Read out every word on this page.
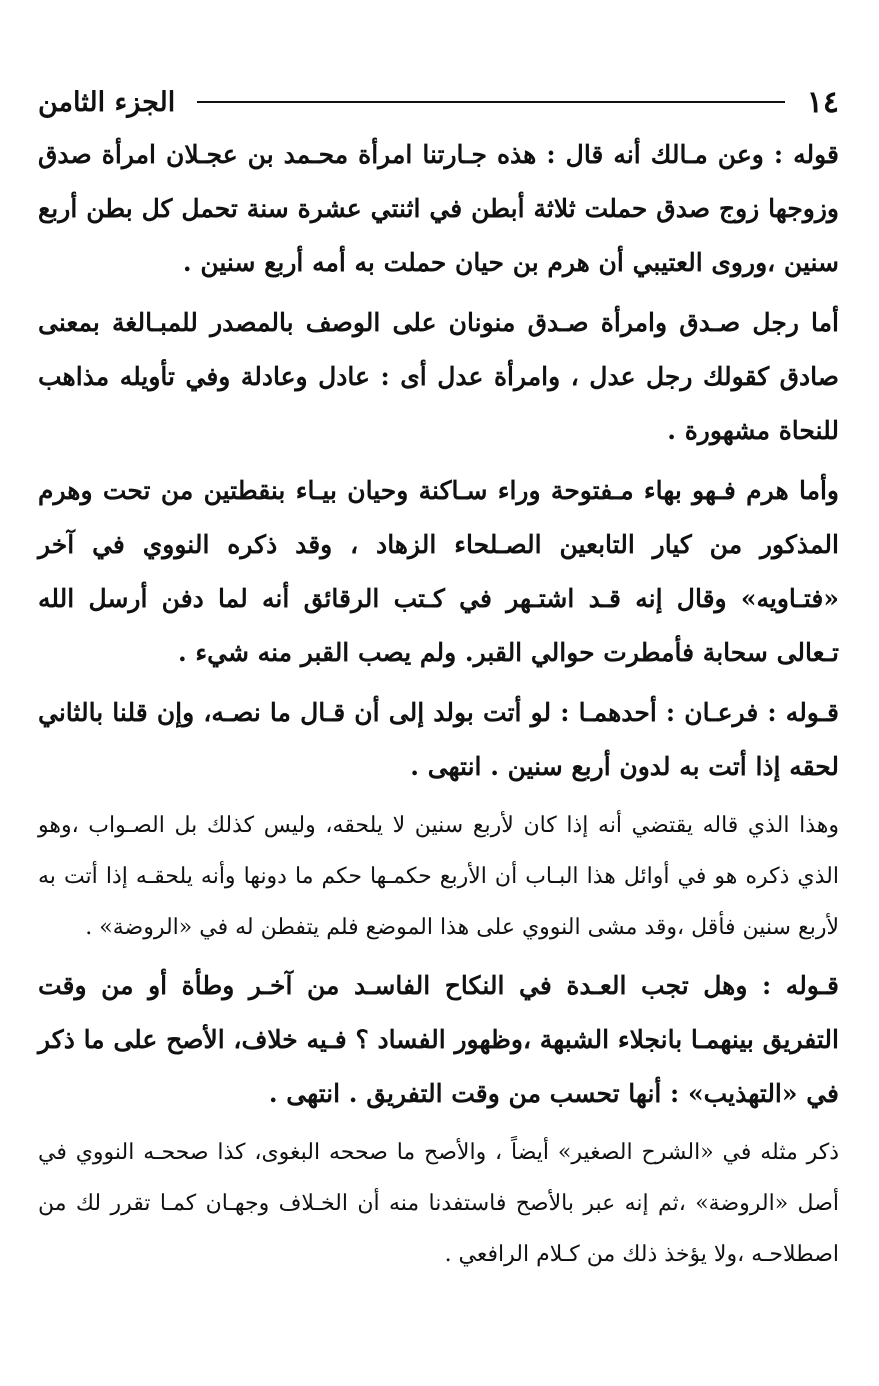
١٤
الجزء الثامن

قوله : وعن مـالك أنه قال : هذه جـارتنا امرأة محـمد بن عجـلان امرأة صدق وزوجها زوج صدق حملت ثلاثة أبطن في اثنتي عشرة سنة تحمل كل بطن أربع سنين ،وروى العتيبي أن هرم بن حيان حملت به أمه أربع سنين .

أما رجل صـدق وامرأة صـدق منونان على الوصف بالمصدر للمبـالغة بمعنى صادق كقولك رجل عدل ، وامرأة عدل أى : عادل وعادلة وفي تأويله مذاهب للنحاة مشهورة .

وأما هرم فـهو بهاء مـفتوحة وراء سـاكنة وحيان بيـاء بنقطتين من تحت وهرم المذكور من كيار التابعين الصـلحاء الزهاد ، وقد ذكره النووي في آخر «فتـاويه» وقال إنه قـد اشتـهر في كـتب الرقائق أنه لما دفن أرسل الله تـعالى سحابة فأمطرت حوالي القبر. ولم يصب القبر منه شيء .

قـوله : فرعـان : أحدهمـا : لو أتت بولد إلى أن قـال ما نصـه، وإن قلنا بالثاني لحقه إذا أتت به لدون أربع سنين . انتهى .

وهذا الذي قاله يقتضي أنه إذا كان لأربع سنين لا يلحقه، وليس كذلك بل الصـواب ،وهو الذي ذكره هو في أوائل هذا البـاب أن الأربع حكمـها حكم ما دونها وأنه يلحقـه إذا أتت به لأربع سنين فأقل ،وقد مشى النووي على هذا الموضع فلم يتفطن له في «الروضة» .

قـوله : وهل تجب العـدة في النكاح الفاسـد من آخـر وطأة أو من وقت التفريق بينهمـا بانجلاء الشبهة ،وظهور الفساد ؟ فـيه خلاف، الأصح على ما ذكر في «التهذيب» : أنها تحسب من وقت التفريق . انتهى .

ذكر مثله في «الشرح الصغير» أيضاً ، والأصح ما صححه البغوى، كذا صححـه النووي في أصل «الروضة» ،ثم إنه عبر بالأصح فاستفدنا منه أن الخـلاف وجهـان كمـا تقرر لك من اصطلاحـه ،ولا يؤخذ ذلك من كـلام الرافعي .
